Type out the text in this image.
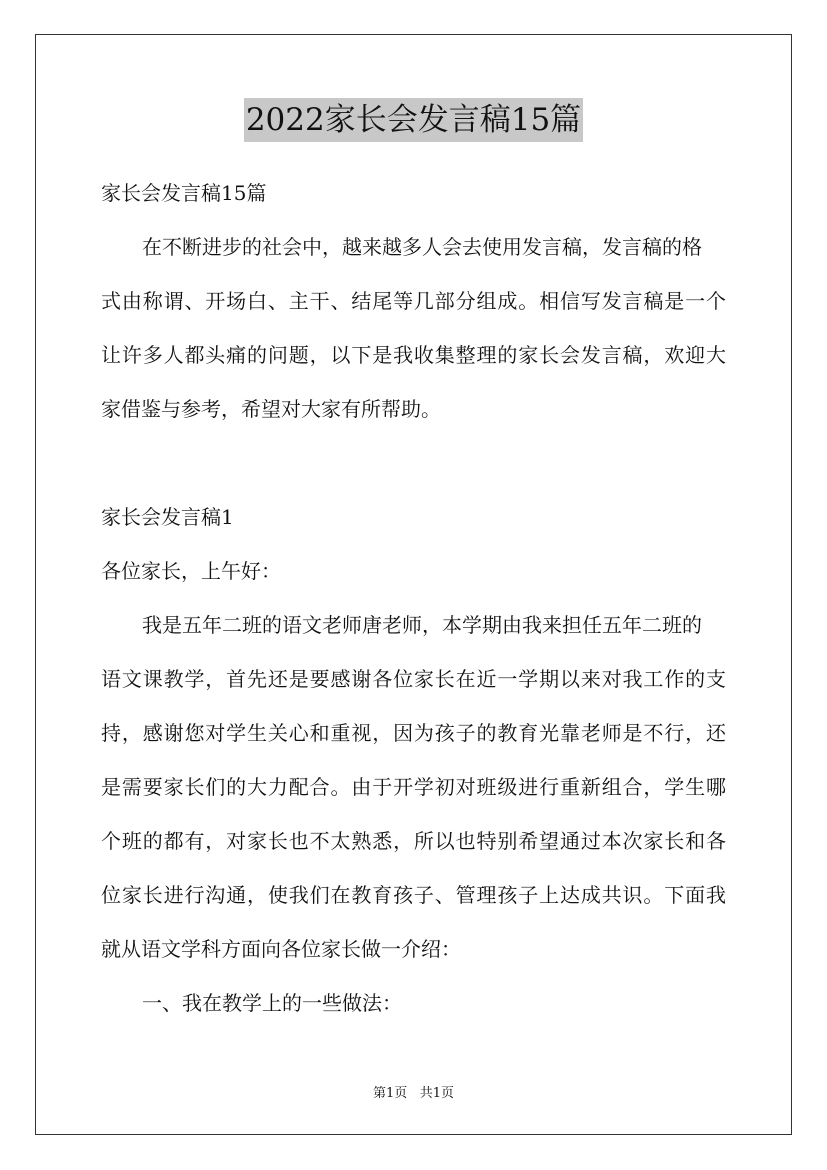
2022家长会发言稿15篇
家长会发言稿15篇
在不断进步的社会中，越来越多人会去使用发言稿，发言稿的格
式由称谓、开场白、主干、结尾等几部分组成。相信写发言稿是一个
让许多人都头痛的问题，以下是我收集整理的家长会发言稿，欢迎大
家借鉴与参考，希望对大家有所帮助。
家长会发言稿1
各位家长，上午好：
我是五年二班的语文老师唐老师，本学期由我来担任五年二班的
语文课教学，首先还是要感谢各位家长在近一学期以来对我工作的支
持，感谢您对学生关心和重视，因为孩子的教育光靠老师是不行，还
是需要家长们的大力配合。由于开学初对班级进行重新组合，学生哪
个班的都有，对家长也不太熟悉，所以也特别希望通过本次家长和各
位家长进行沟通，使我们在教育孩子、管理孩子上达成共识。下面我
就从语文学科方面向各位家长做一介绍：
一、我在教学上的一些做法：
第1页 共1页
